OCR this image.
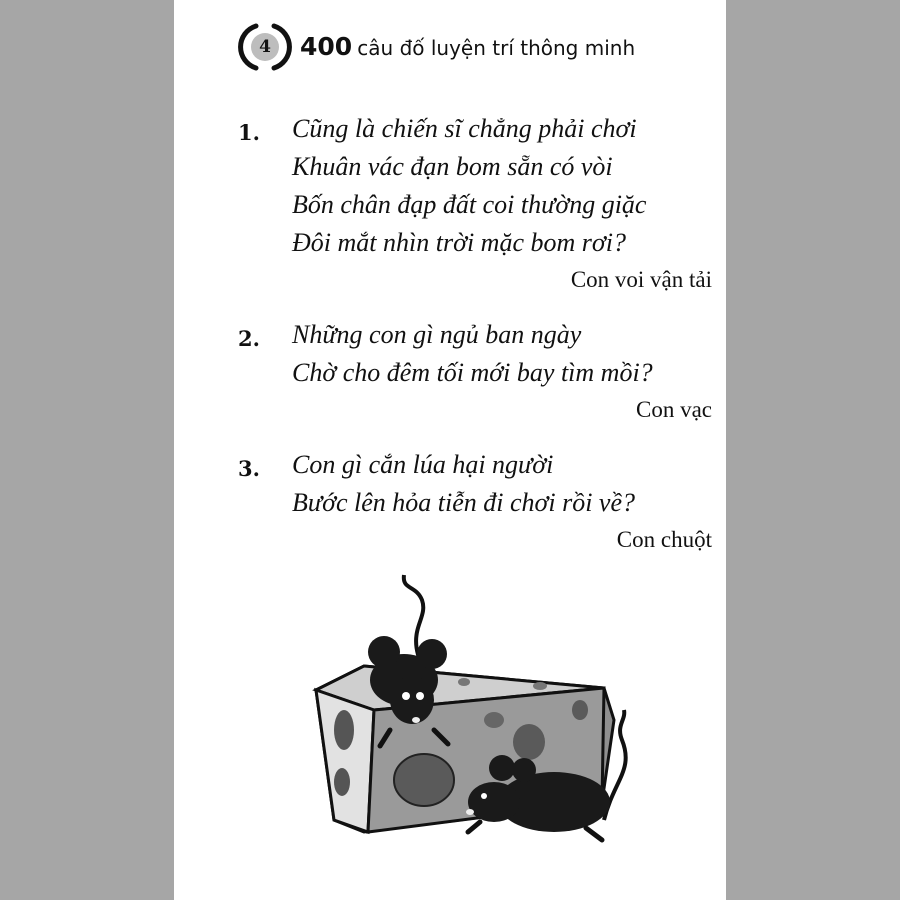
4 400 câu đố luyện trí thông minh
1. Cũng là chiến sĩ chẳng phải chơi
Khuân vác đạn bom sẵn có vòi
Bốn chân đạp đất coi thường giặc
Đôi mắt nhìn trời mặc bom rơi?
Con voi vận tải
2. Những con gì ngủ ban ngày
Chờ cho đêm tối mới bay tìm mồi?
Con vạc
3. Con gì cắn lúa hại người
Bước lên hỏa tiễn đi chơi rồi về?
Con chuột
